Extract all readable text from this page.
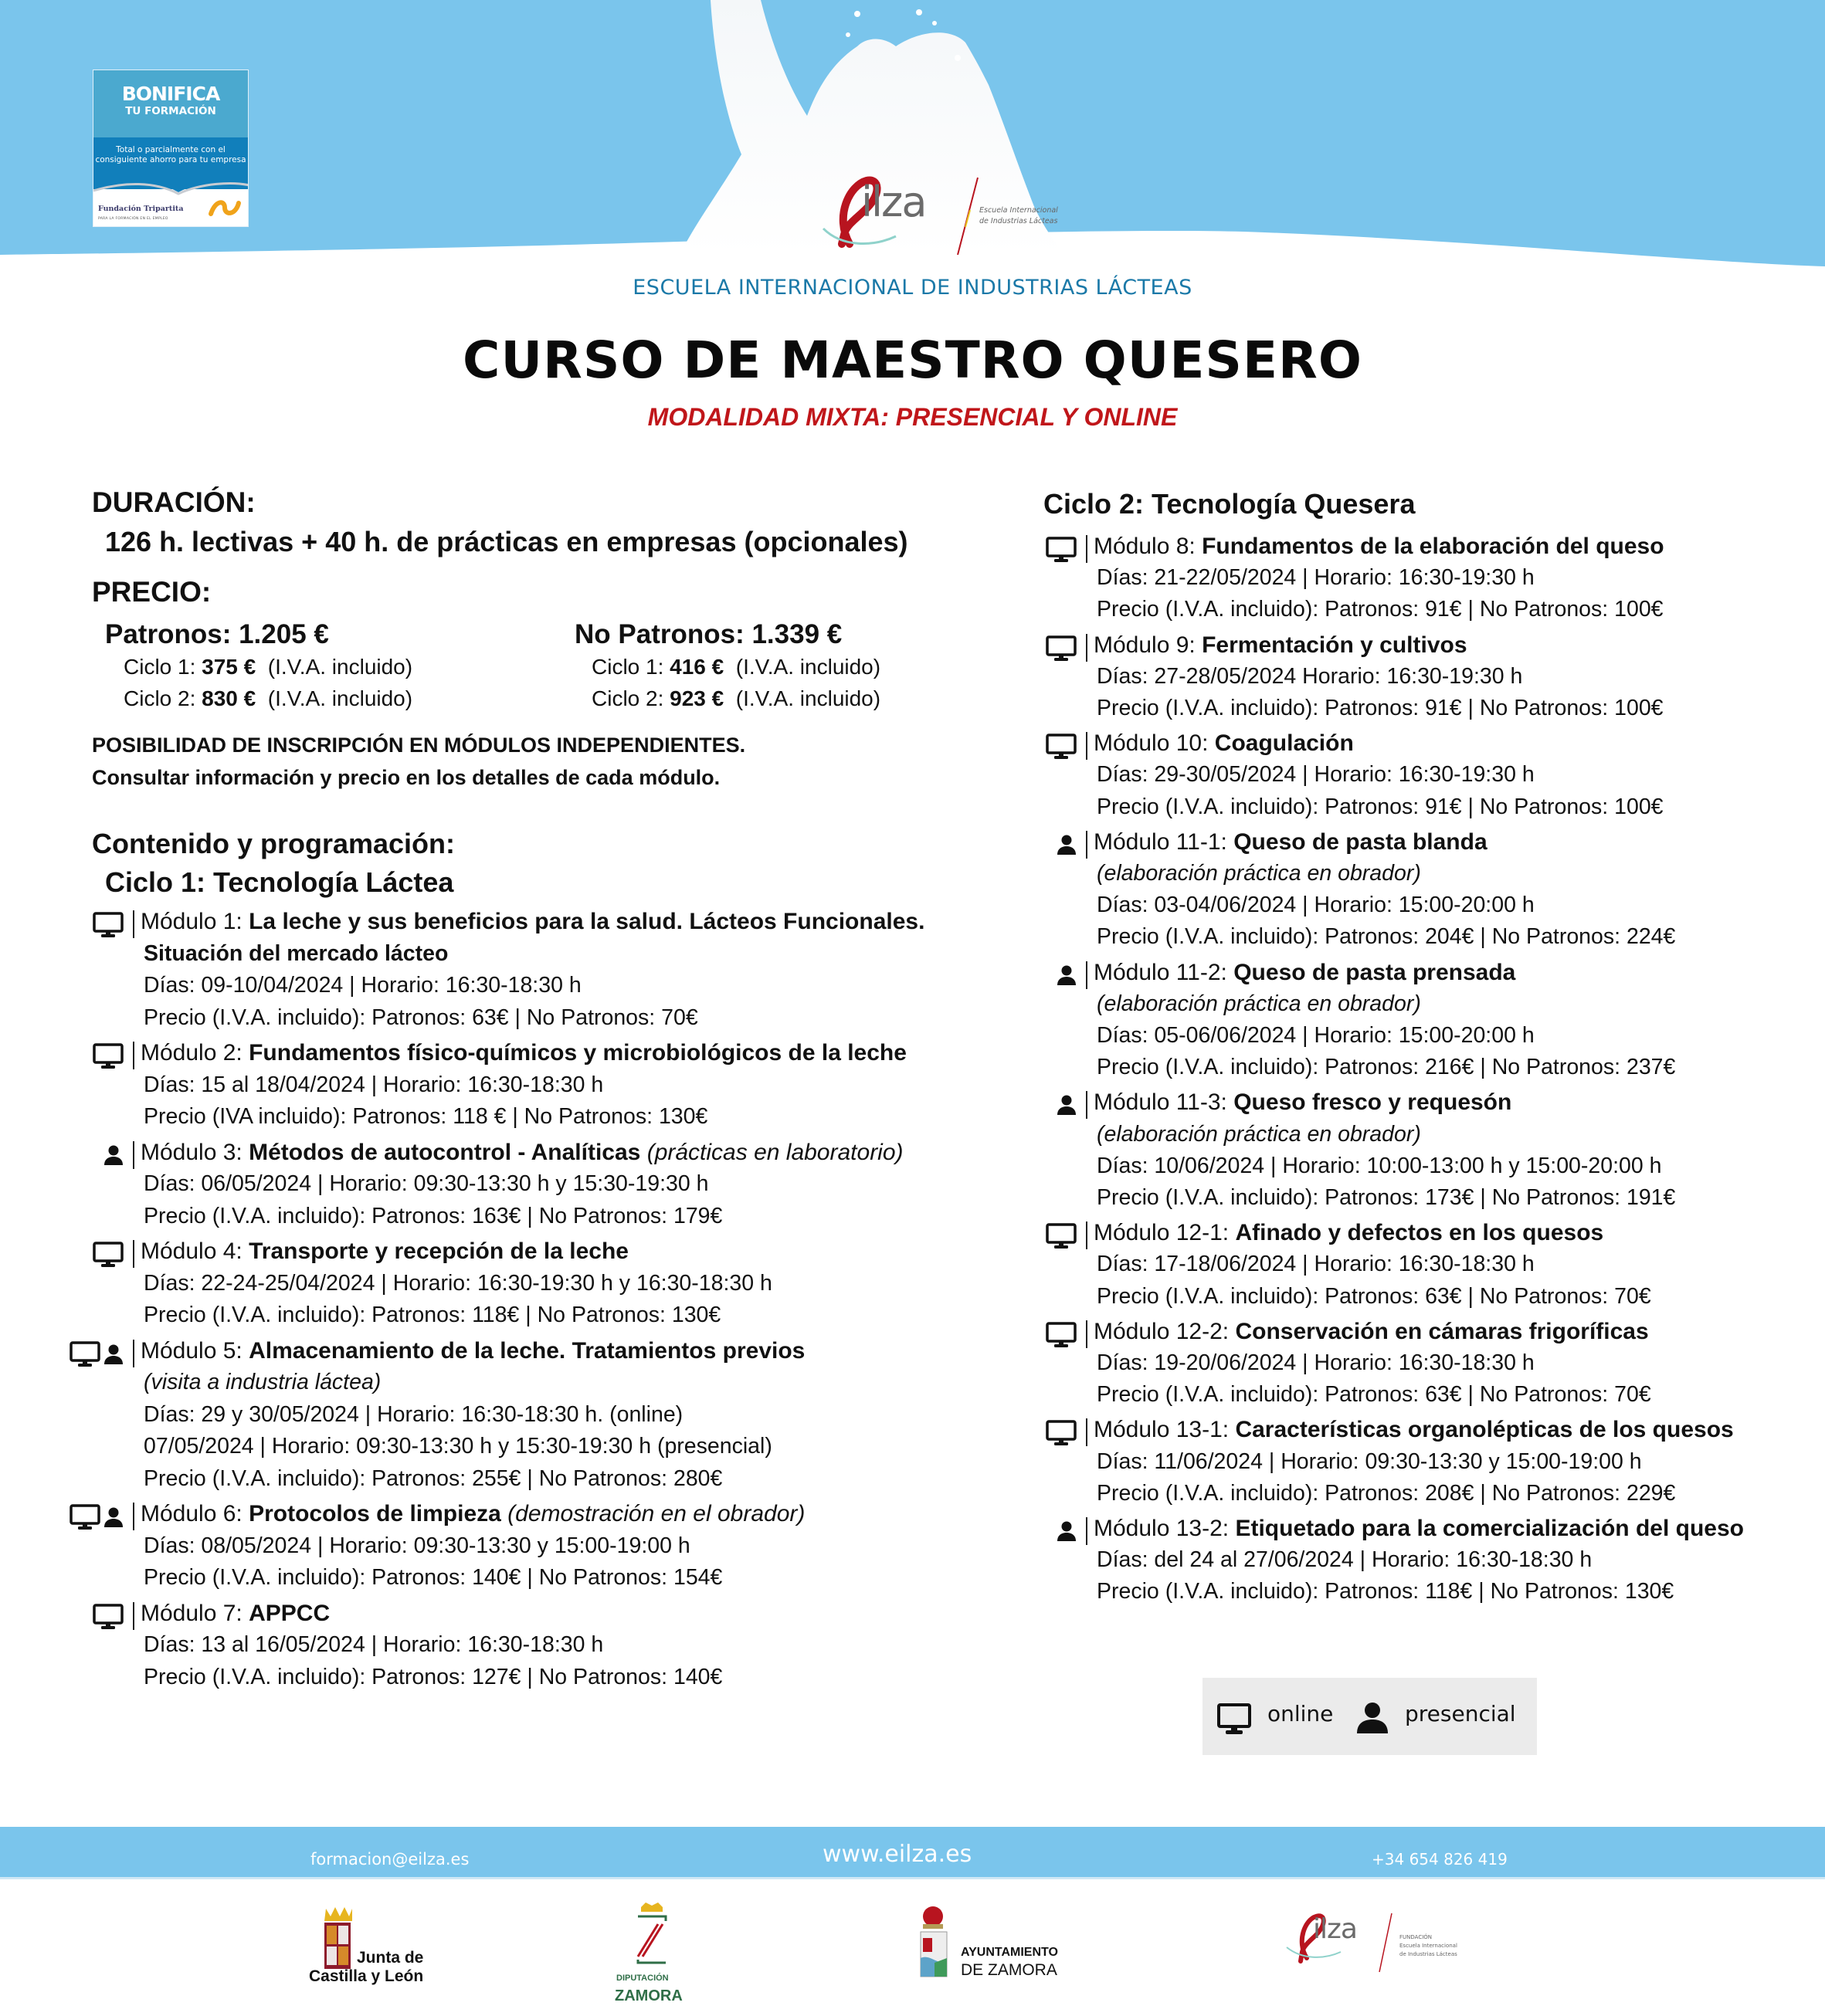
BONIFICA
TU FORMACIÓN
Total o parcialmente con el consiguiente ahorro para tu empresa
Fundación Tripartita
PARA LA FORMACIÓN EN EL EMPLEO	ilza	Escuela Internacional
de Industrias Lácteas
ESCUELA INTERNACIONAL DE INDUSTRIAS LÁCTEAS
CURSO DE MAESTRO QUESERO
MODALIDAD MIXTA: PRESENCIAL Y ONLINE
DURACIÓN:
126 h. lectivas + 40 h. de prácticas en empresas (opcionales)
PRECIO:
Patronos: 1.205 €
Ciclo 1: 375 € (I.V.A. incluido)
Ciclo 2: 830 € (I.V.A. incluido)
No Patronos: 1.339 €
Ciclo 1: 416 € (I.V.A. incluido)
Ciclo 2: 923 € (I.V.A. incluido)
POSIBILIDAD DE INSCRIPCIÓN EN MÓDULOS INDEPENDIENTES.
Consultar información y precio en los detalles de cada módulo.
Contenido y programación:
Ciclo 1: Tecnología Láctea
Módulo 1: La leche y sus beneficios para la salud. Lácteos Funcionales.
Situación del mercado lácteo
Días: 09-10/04/2024 | Horario: 16:30-18:30 h
Precio (I.V.A. incluido): Patronos: 63€ | No Patronos: 70€
Módulo 2: Fundamentos físico-químicos y microbiológicos de la leche
Días: 15 al 18/04/2024 | Horario: 16:30-18:30 h
Precio (IVA incluido): Patronos: 118 € | No Patronos: 130€
Módulo 3: Métodos de autocontrol - Analíticas (prácticas en laboratorio)
Días: 06/05/2024 | Horario: 09:30-13:30 h y 15:30-19:30 h
Precio (I.V.A. incluido): Patronos: 163€ | No Patronos: 179€
Módulo 4: Transporte y recepción de la leche
Días: 22-24-25/04/2024 | Horario: 16:30-19:30 h y 16:30-18:30 h
Precio (I.V.A. incluido): Patronos: 118€ | No Patronos: 130€
Módulo 5: Almacenamiento de la leche. Tratamientos previos
(visita a industria láctea)
Días: 29 y 30/05/2024 | Horario: 16:30-18:30 h. (online)
07/05/2024 | Horario: 09:30-13:30 h y 15:30-19:30 h (presencial)
Precio (I.V.A. incluido): Patronos: 255€ | No Patronos: 280€
Módulo 6: Protocolos de limpieza (demostración en el obrador)
Días: 08/05/2024 | Horario: 09:30-13:30 y 15:00-19:00 h
Precio (I.V.A. incluido): Patronos: 140€ | No Patronos: 154€
Módulo 7: APPCC
Días: 13 al 16/05/2024 | Horario: 16:30-18:30 h
Precio (I.V.A. incluido): Patronos: 127€ | No Patronos: 140€
Ciclo 2: Tecnología Quesera
Módulo 8: Fundamentos de la elaboración del queso
Días: 21-22/05/2024 | Horario: 16:30-19:30 h
Precio (I.V.A. incluido): Patronos: 91€ | No Patronos: 100€
Módulo 9: Fermentación y cultivos
Días: 27-28/05/2024 Horario: 16:30-19:30 h
Precio (I.V.A. incluido): Patronos: 91€ | No Patronos: 100€
Módulo 10: Coagulación
Días: 29-30/05/2024 | Horario: 16:30-19:30 h
Precio (I.V.A. incluido): Patronos: 91€ | No Patronos: 100€
Módulo 11-1: Queso de pasta blanda
(elaboración práctica en obrador)
Días: 03-04/06/2024 | Horario: 15:00-20:00 h
Precio (I.V.A. incluido): Patronos: 204€ | No Patronos: 224€
Módulo 11-2: Queso de pasta prensada
(elaboración práctica en obrador)
Días: 05-06/06/2024 | Horario: 15:00-20:00 h
Precio (I.V.A. incluido): Patronos: 216€ | No Patronos: 237€
Módulo 11-3: Queso fresco y requesón
(elaboración práctica en obrador)
Días: 10/06/2024 | Horario: 10:00-13:00 h y 15:00-20:00 h
Precio (I.V.A. incluido): Patronos: 173€ | No Patronos: 191€
Módulo 12-1: Afinado y defectos en los quesos
Días: 17-18/06/2024 | Horario: 16:30-18:30 h
Precio (I.V.A. incluido): Patronos: 63€ | No Patronos: 70€
Módulo 12-2: Conservación en cámaras frigoríficas
Días: 19-20/06/2024 | Horario: 16:30-18:30 h
Precio (I.V.A. incluido): Patronos: 63€ | No Patronos: 70€
Módulo 13-1: Características organolépticas de los quesos
Días: 11/06/2024 | Horario: 09:30-13:30 y 15:00-19:00 h
Precio (I.V.A. incluido): Patronos: 208€ | No Patronos: 229€
Módulo 13-2: Etiquetado para la comercialización del queso
Días: del 24 al 27/06/2024 | Horario: 16:30-18:30 h
Precio (I.V.A. incluido): Patronos: 118€ | No Patronos: 130€
online	presencial
formacion@eilza.es	www.eilza.es	+34 654 826 419
Junta de
Castilla y León	DIPUTACIÓN
ZAMORA
AYUNTAMIENTO
DE ZAMORA
ilza	FUNDACIÓN
Escuela Internacional
de Industrias Lácteas
